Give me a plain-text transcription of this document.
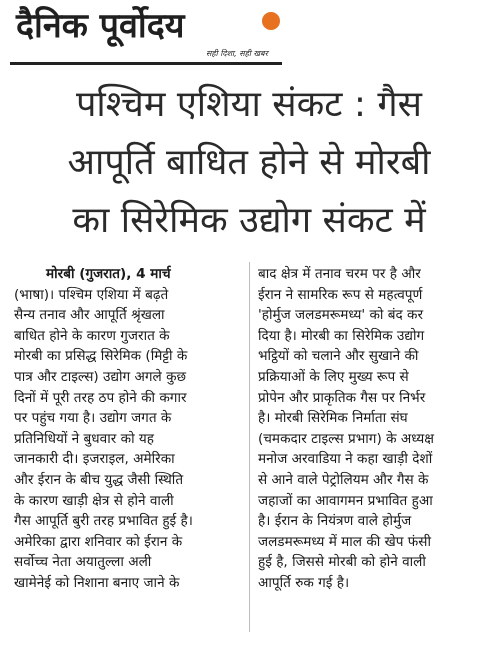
दैनिक पूर्वोदय
सही दिशा, सही खबर
पश्चिम एशिया संकट : गैस
आपूर्ति बाधित होने से मोरबी
का सिरेमिक उद्योग संकट में
मोरबी (गुजरात), 4 मार्च
(भाषा)। पश्चिम एशिया में बढ़ते
सैन्य तनाव और आपूर्ति श्रृंखला
बाधित होने के कारण गुजरात के
मोरबी का प्रसिद्ध सिरेमिक (मिट्टी के
पात्र और टाइल्स) उद्योग अगले कुछ
दिनों में पूरी तरह ठप होने की कगार
पर पहुंच गया है। उद्योग जगत के
प्रतिनिधियों ने बुधवार को यह
जानकारी दी। इजराइल, अमेरिका
और ईरान के बीच युद्ध जैसी स्थिति
के कारण खाड़ी क्षेत्र से होने वाली
गैस आपूर्ति बुरी तरह प्रभावित हुई है।
अमेरिका द्वारा शनिवार को ईरान के
सर्वोच्च नेता अयातुल्ला अली
खामेनेई को निशाना बनाए जाने के
बाद क्षेत्र में तनाव चरम पर है और
ईरान ने सामरिक रूप से महत्वपूर्ण
'होर्मुज जलडमरूमध्य' को बंद कर
दिया है। मोरबी का सिरेमिक उद्योग
भट्ठियों को चलाने और सुखाने की
प्रक्रियाओं के लिए मुख्य रूप से
प्रोपेन और प्राकृतिक गैस पर निर्भर
है। मोरबी सिरेमिक निर्माता संघ
(चमकदार टाइल्स प्रभाग) के अध्यक्ष
मनोज अरवाडिया ने कहा खाड़ी देशों
से आने वाले पेट्रोलियम और गैस के
जहाजों का आवागमन प्रभावित हुआ
है। ईरान के नियंत्रण वाले होर्मुज
जलडमरूमध्य में माल की खेप फंसी
हुई है, जिससे मोरबी को होने वाली
आपूर्ति रुक गई है।
